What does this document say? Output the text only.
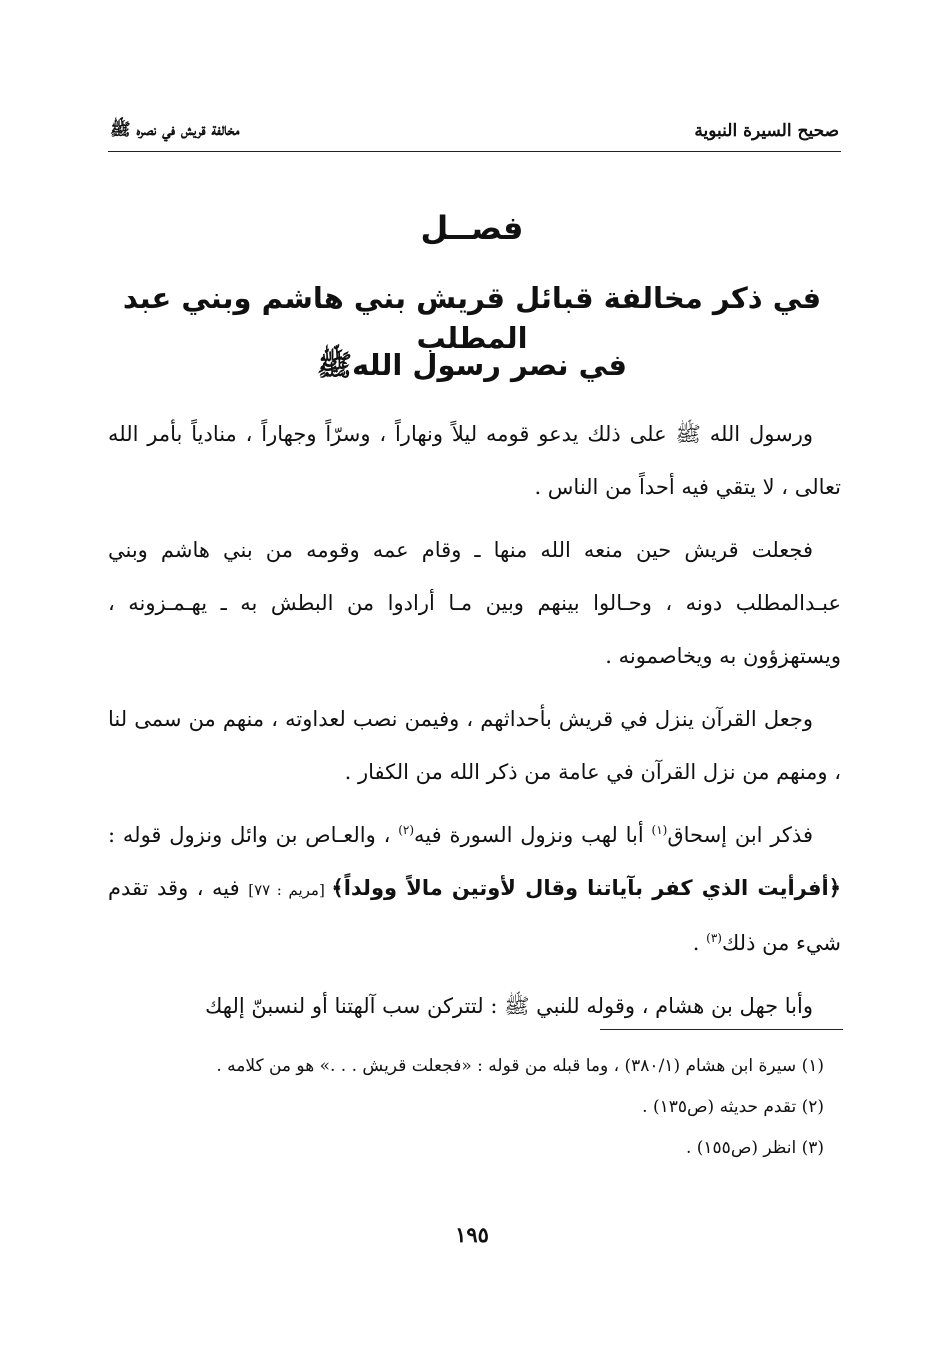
صحيح السيرة النبوية
مخالفة قريش في نصره ﷺ
فصــل
في ذكر مخالفة قبائل قريش بني هاشم وبني عبد المطلب
في نصر رسول اللهﷺ

ورسول الله ﷺ على ذلك يدعو قومه ليلاً ونهاراً ، وسرّاً وجهاراً ، منادياً بأمر الله تعالى ، لا يتقي فيه أحداً من الناس .

فجعلت قريش حين منعه الله منها ـ وقام عمه وقومه من بني هاشم وبني عبـدالمطلب دونه ، وحـالوا بينهم وبين مـا أرادوا من البطش به ـ يهـمـزونه ، ويستهزؤون به ويخاصمونه .

وجعل القرآن ينزل في قريش بأحداثهم ، وفيمن نصب لعداوته ، منهم من سمى لنا ، ومنهم من نزل القرآن في عامة من ذكر الله من الكفار .

فذكر ابن إسحاق$^{(١)}$ أبا لهب ونزول السورة فيه$^{(٢)}$ ، والعـاص بن وائل ونزول قوله : ﴿أفرأيت الذي كفر بآياتنا وقال لأوتين مالاً وولداً﴾ [مريم : ٧٧] فيه ، وقد تقدم شيء من ذلك$^{(٣)}$ .

وأبا جهل بن هشام ، وقوله للنبي ﷺ : لتتركن سب آلهتنا أو لنسبنّ إلهك

(١) سيرة ابن هشام (٣٨٠/١) ، وما قبله من قوله : «فجعلت قريش . . .» هو من كلامه .
(٢) تقدم حديثه (ص١٣٥) .
(٣) انظر (ص١٥٥) .
١٩٥
